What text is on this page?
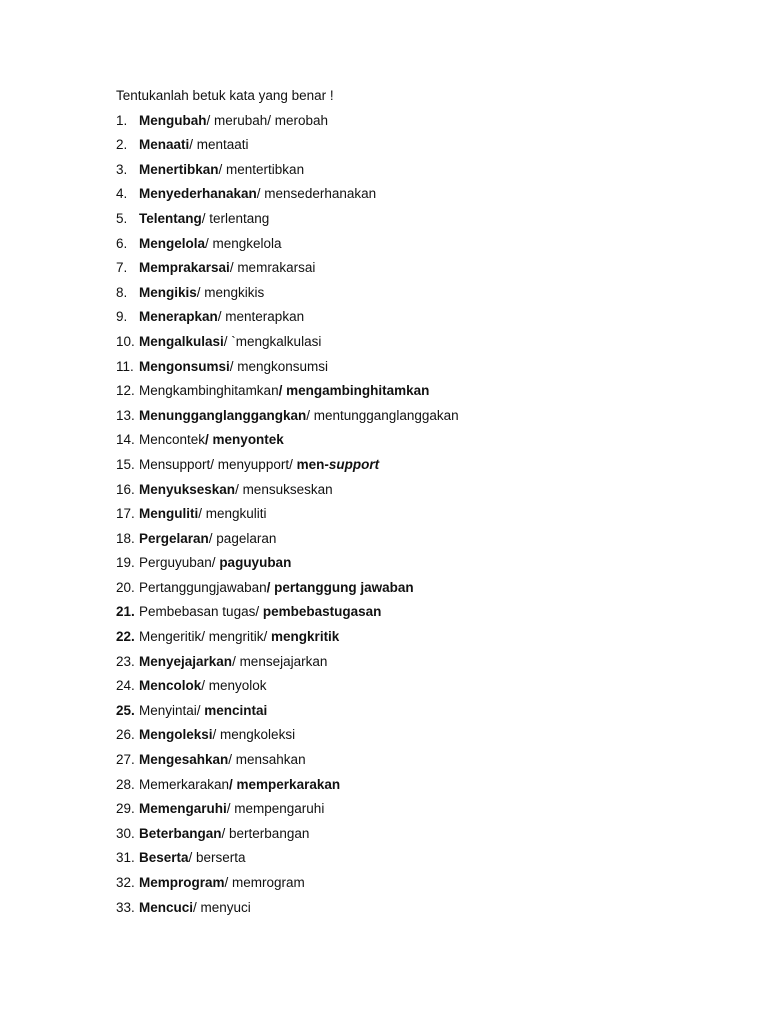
Tentukanlah betuk kata yang benar !
1. Mengubah/ merubah/ merobah
2. Menaati/ mentaati
3. Menertibkan/ mentertibkan
4. Menyederhanakan/ mensederhanakan
5. Telentang/ terlentang
6. Mengelola/ mengkelola
7. Memprakarsai/ memrakarsai
8. Mengikis/ mengkikis
9. Menerapkan/ menterapkan
10. Mengalkulasi/ `mengkalkulasi
11. Mengonsumsi/ mengkonsumsi
12. Mengkambinghitamkan/ mengambinghitamkan
13. Menungganglanggangkan/ mentungganglanggakan
14. Mencontek/ menyontek
15. Mensupport/ menyupport/ men-support
16. Menyukseskan/ mensukseskan
17. Menguliti/ mengkuliti
18. Pergelaran/ pagelaran
19. Perguyuban/ paguyuban
20. Pertanggungjawaban/ pertanggung jawaban
21. Pembebasan tugas/ pembebastugasan
22. Mengeritik/ mengritik/ mengkritik
23. Menyejajarkan/ mensejajarkan
24. Mencolok/ menyolok
25. Menyintai/ mencintai
26. Mengoleksi/ mengkoleksi
27. Mengesahkan/ mensahkan
28. Memerkarakan/ memperkarakan
29. Memengaruhi/ mempengaruhi
30. Beterbangan/ berterbangan
31. Beserta/ berserta
32. Memprogram/ memrogram
33. Mencuci/ menyuci
